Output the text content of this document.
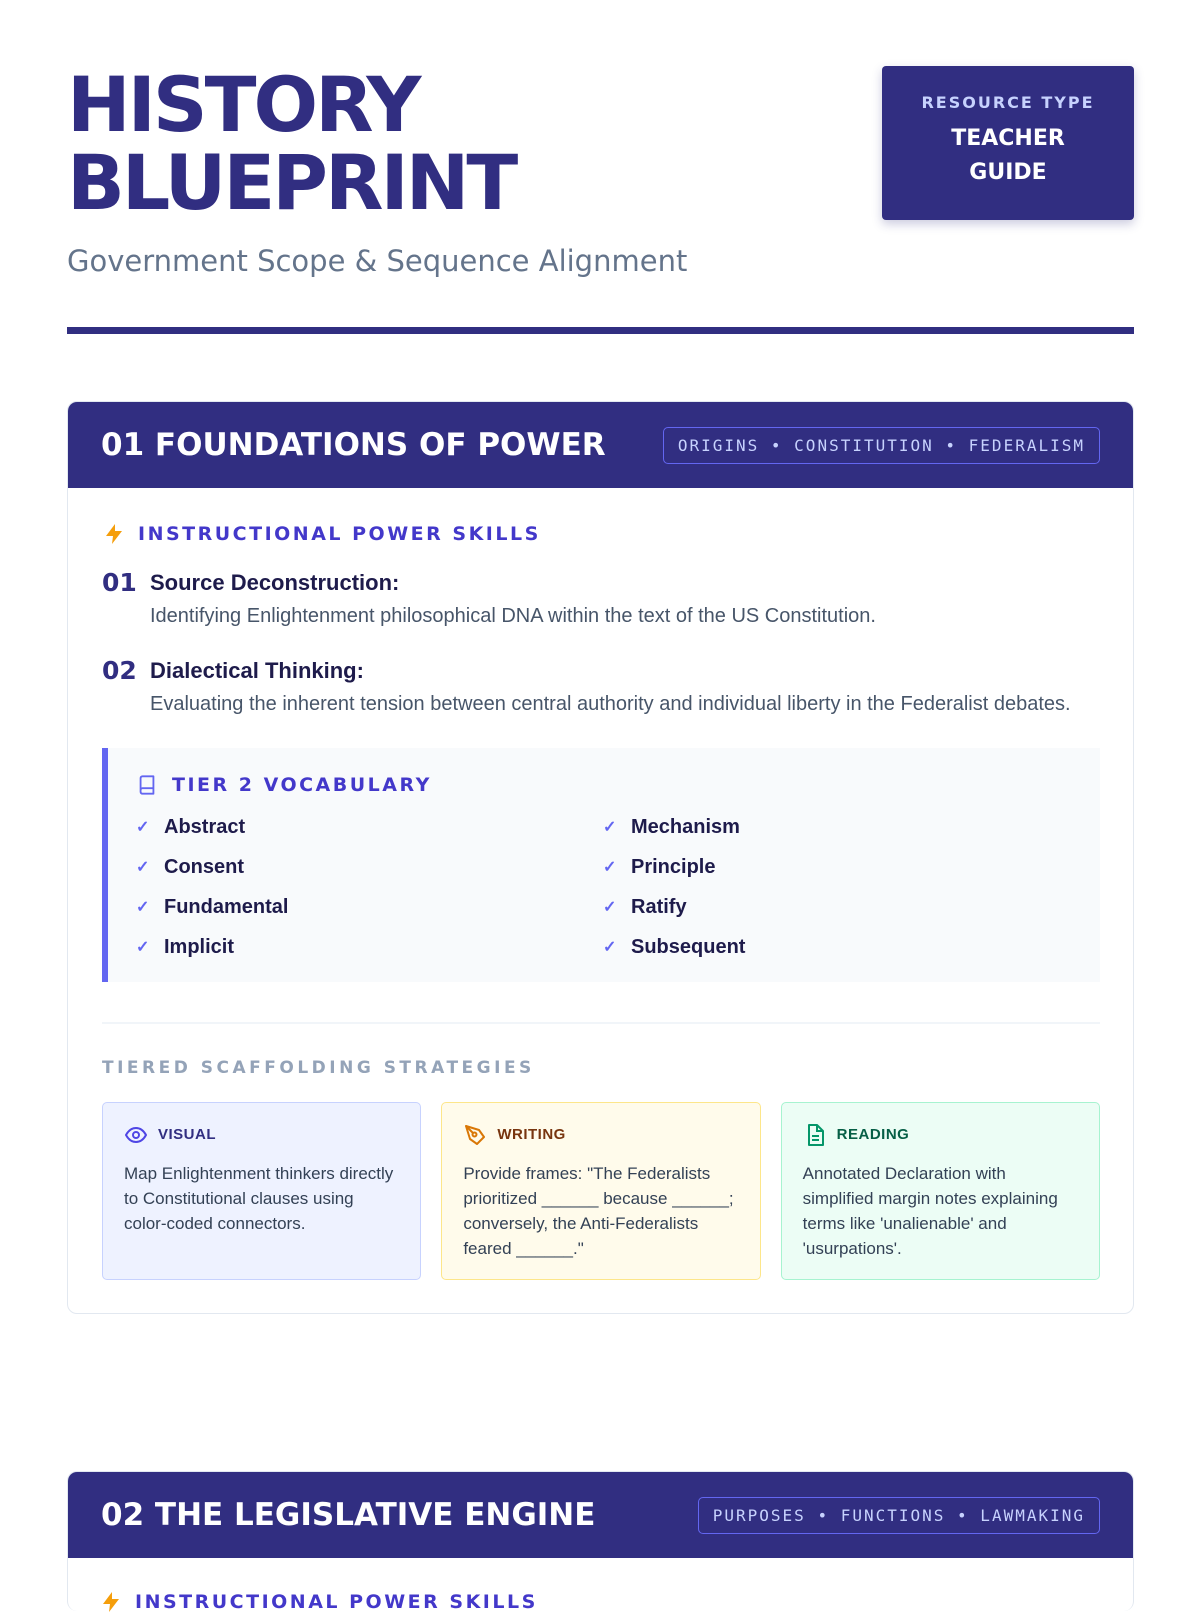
HISTORY
BLUEPRINT
Government Scope & Sequence Alignment
RESOURCE TYPE
TEACHER GUIDE
01 FOUNDATIONS OF POWER	ORIGINS • CONSTITUTION • FEDERALISM
INSTRUCTIONAL POWER SKILLS
01 Source Deconstruction:
Identifying Enlightenment philosophical DNA within the text of the US Constitution.
02 Dialectical Thinking:
Evaluating the inherent tension between central authority and individual liberty in the Federalist debates.
TIER 2 VOCABULARY
✓ Abstract	✓ Mechanism
✓ Consent	✓ Principle
✓ Fundamental	✓ Ratify
✓ Implicit	✓ Subsequent
TIERED SCAFFOLDING STRATEGIES
VISUAL
Map Enlightenment thinkers directly to Constitutional clauses using color-coded connectors.
WRITING
Provide frames: "The Federalists prioritized ______ because ______; conversely, the Anti-Federalists feared ______."
READING
Annotated Declaration with simplified margin notes explaining terms like 'unalienable' and 'usurpations'.
02 THE LEGISLATIVE ENGINE	PURPOSES • FUNCTIONS • LAWMAKING
INSTRUCTIONAL POWER SKILLS
